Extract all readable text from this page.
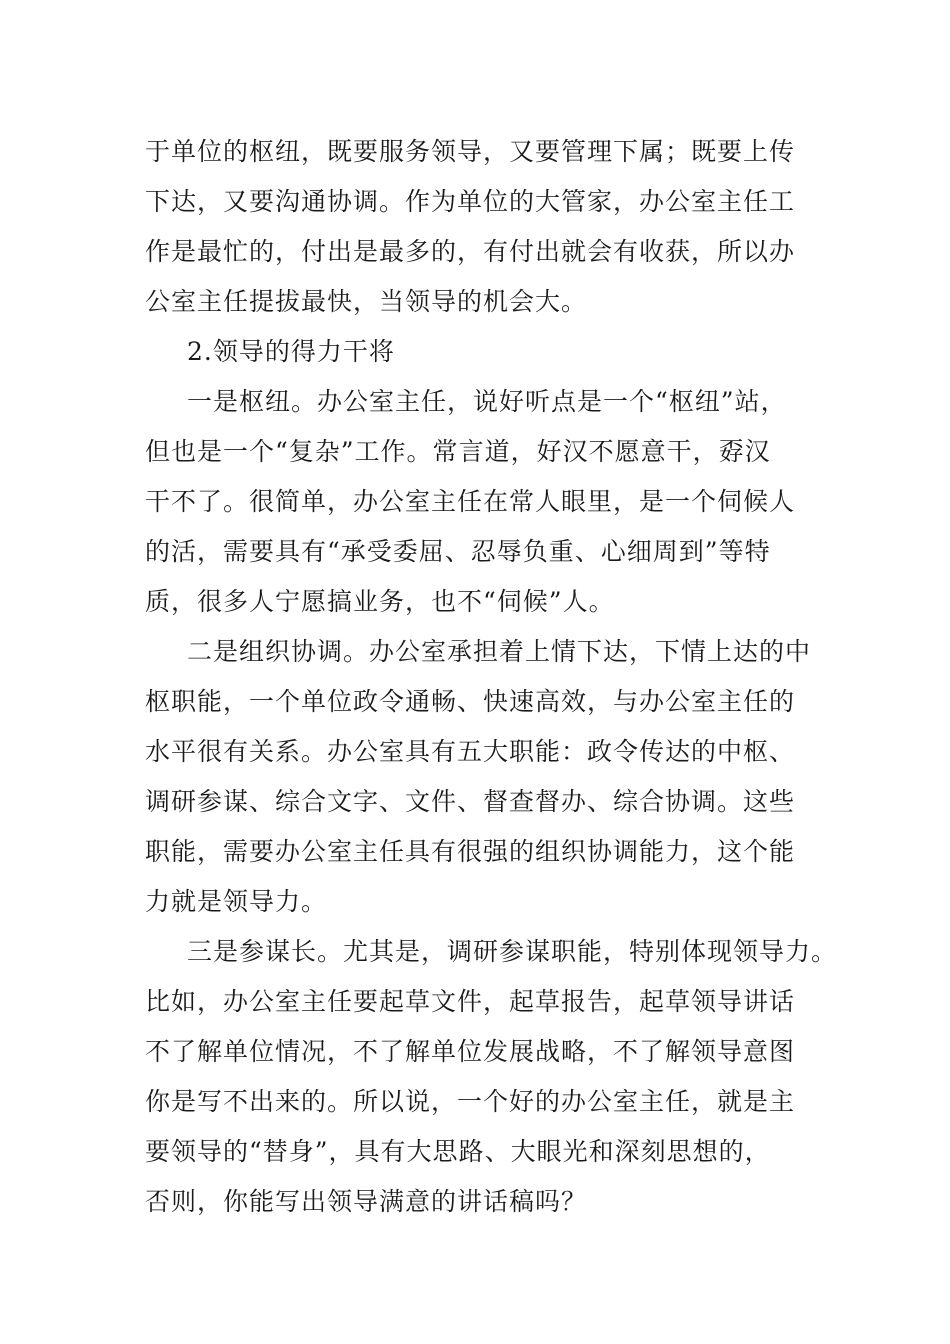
于单位的枢纽，既要服务领导，又要管理下属；既要上传
下达，又要沟通协调。作为单位的大管家，办公室主任工
作是最忙的，付出是最多的，有付出就会有收获，所以办
公室主任提拔最快，当领导的机会大。
2.领导的得力干将
一是枢纽。办公室主任，说好听点是一个“枢纽”站，
但也是一个“复杂”工作。常言道，好汉不愿意干，孬汉
干不了。很简单，办公室主任在常人眼里，是一个伺候人
的活，需要具有“承受委屈、忍辱负重、心细周到”等特
质，很多人宁愿搞业务，也不“伺候”人。
二是组织协调。办公室承担着上情下达，下情上达的中
枢职能，一个单位政令通畅、快速高效，与办公室主任的
水平很有关系。办公室具有五大职能：政令传达的中枢、
调研参谋、综合文字、文件、督查督办、综合协调。这些
职能，需要办公室主任具有很强的组织协调能力，这个能
力就是领导力。
三是参谋长。尤其是，调研参谋职能，特别体现领导力。
比如，办公室主任要起草文件，起草报告，起草领导讲话
不了解单位情况，不了解单位发展战略，不了解领导意图
你是写不出来的。所以说，一个好的办公室主任，就是主
要领导的“替身”，具有大思路、大眼光和深刻思想的，
否则，你能写出领导满意的讲话稿吗？
